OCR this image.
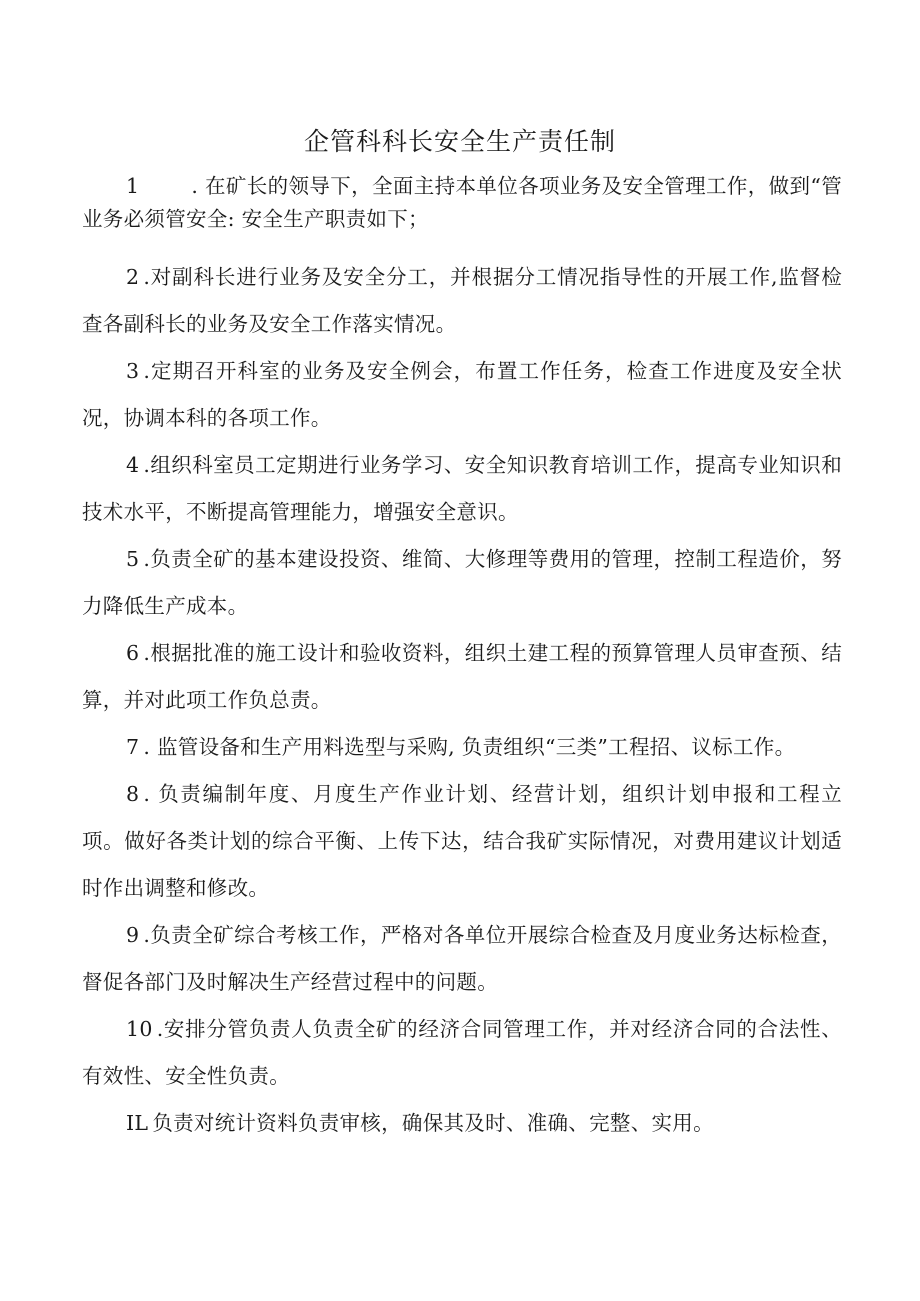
企管科科长安全生产责任制

1	. 在矿长的领导下，全面主持本单位各项业务及安全管理工作，做到“管业务必须管安全: 安全生产职责如下；

2 .对副科长进行业务及安全分工，并根据分工情况指导性的开展工作,监督检查各副科长的业务及安全工作落实情况。

3 .定期召开科室的业务及安全例会，布置工作任务，检查工作进度及安全状况，协调本科的各项工作。

4 .组织科室员工定期进行业务学习、安全知识教育培训工作，提高专业知识和技术水平，不断提高管理能力，增强安全意识。

5 .负责全矿的基本建设投资、维简、大修理等费用的管理，控制工程造价，努力降低生产成本。

6 .根据批准的施工设计和验收资料，组织土建工程的预算管理人员审查预、结算，并对此项工作负总责。

7 . 监管设备和生产用料选型与采购, 负责组织“三类”工程招、议标工作。

8 . 负责编制年度、月度生产作业计划、经营计划，组织计划申报和工程立项。做好各类计划的综合平衡、上传下达，结合我矿实际情况，对费用建议计划适时作出调整和修改。

9 .负责全矿综合考核工作，严格对各单位开展综合检查及月度业务达标检查，督促各部门及时解决生产经营过程中的问题。

10 .安排分管负责人负责全矿的经济合同管理工作，并对经济合同的合法性、有效性、安全性负责。

IL 负责对统计资料负责审核，确保其及时、准确、完整、实用。
